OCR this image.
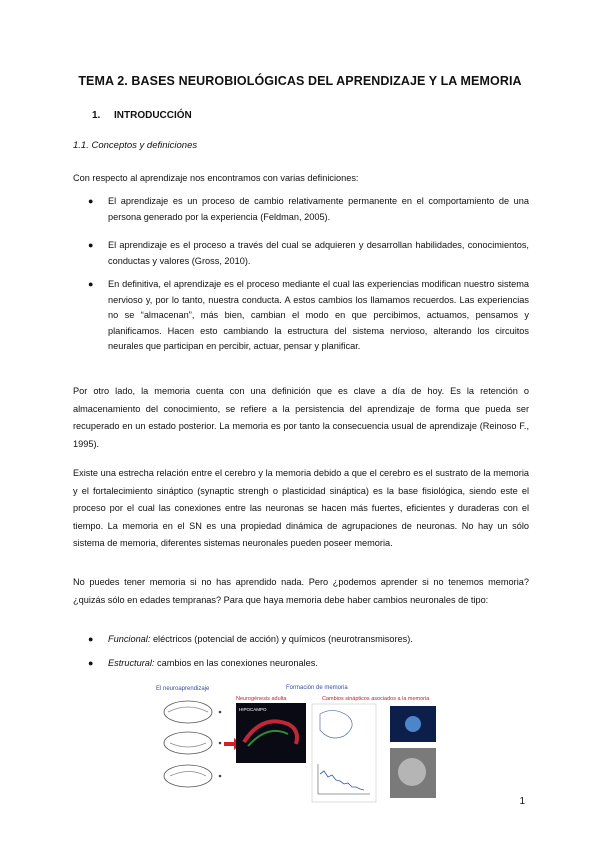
TEMA 2. BASES NEUROBIOLÓGICAS DEL APRENDIZAJE Y LA MEMORIA
1. INTRODUCCIÓN
1.1. Conceptos y definiciones
Con respecto al aprendizaje nos encontramos con varias definiciones:
● El aprendizaje es un proceso de cambio relativamente permanente en el comportamiento de una persona generado por la experiencia (Feldman, 2005).
● El aprendizaje es el proceso a través del cual se adquieren y desarrollan habilidades, conocimientos, conductas y valores (Gross, 2010).
● En definitiva, el aprendizaje es el proceso mediante el cual las experiencias modifican nuestro sistema nervioso y, por lo tanto, nuestra conducta. A estos cambios los llamamos recuerdos. Las experiencias no se “almacenan”, más bien, cambian el modo en que percibimos, actuamos, pensamos y planificamos. Hacen esto cambiando la estructura del sistema nervioso, alterando los circuitos neurales que participan en percibir, actuar, pensar y planificar.
Por otro lado, la memoria cuenta con una definición que es clave a día de hoy. Es la retención o almacenamiento del conocimiento, se refiere a la persistencia del aprendizaje de forma que pueda ser recuperado en un estado posterior. La memoria es por tanto la consecuencia usual de aprendizaje (Reinoso F., 1995).
Existe una estrecha relación entre el cerebro y la memoria debido a que el cerebro es el sustrato de la memoria y el fortalecimiento sináptico (synaptic strengh o plasticidad sináptica) es la base fisiológica, siendo este el proceso por el cual las conexiones entre las neuronas se hacen más fuertes, eficientes y duraderas con el tiempo. La memoria en el SN es una propiedad dinámica de agrupaciones de neuronas. No hay un sólo sistema de memoria, diferentes sistemas neuronales pueden poseer memoria.
No puedes tener memoria si no has aprendido nada. Pero ¿podemos aprender si no tenemos memoria? ¿quizás sólo en edades tempranas? Para que haya memoria debe haber cambios neuronales de tipo:
● Funcional: eléctricos (potencial de acción) y químicos (neurotransmisores).
● Estructural: cambios en las conexiones neuronales.
El neuroaprendizaje	Formación de memoria
Neurogénesis adulta	Cambios sinápticos asociados a la memoria
HIPOCAMPO
1
